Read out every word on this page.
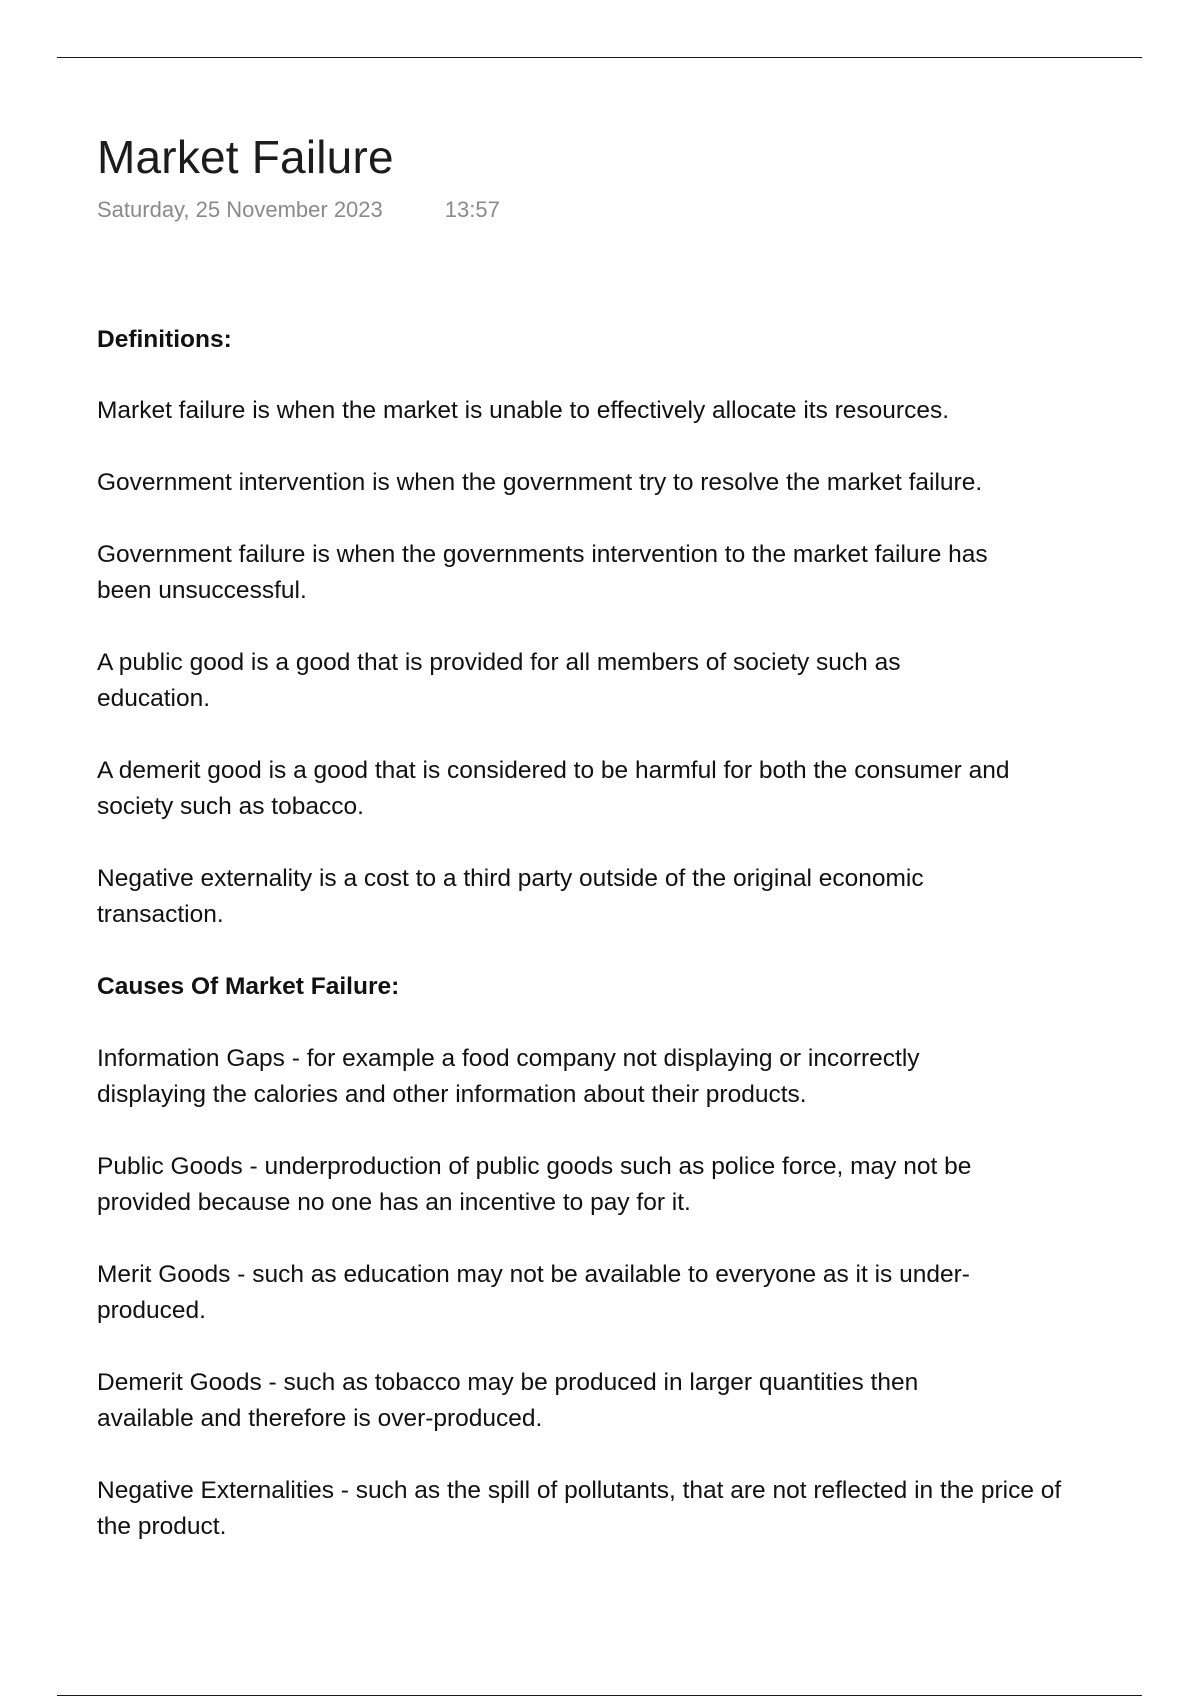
Market Failure
Saturday, 25 November 2023	13:57

Definitions:

Market failure is when the market is unable to effectively allocate its resources.

Government intervention is when the government try to resolve the market failure.

Government failure is when the governments intervention to the market failure has been unsuccessful.

A public good is a good that is provided for all members of society such as education.

A demerit good is a good that is considered to be harmful for both the consumer and society such as tobacco.

Negative externality is a cost to a third party outside of the original economic transaction.

Causes Of Market Failure:

Information Gaps - for example a food company not displaying or incorrectly displaying the calories and other information about their products.

Public Goods - underproduction of public goods such as police force, may not be provided because no one has an incentive to pay for it.

Merit Goods - such as education may not be available to everyone as it is under-produced.

Demerit Goods - such as tobacco may be produced in larger quantities then available and therefore is over-produced.

Negative Externalities - such as the spill of pollutants, that are not reflected in the price of the product.
